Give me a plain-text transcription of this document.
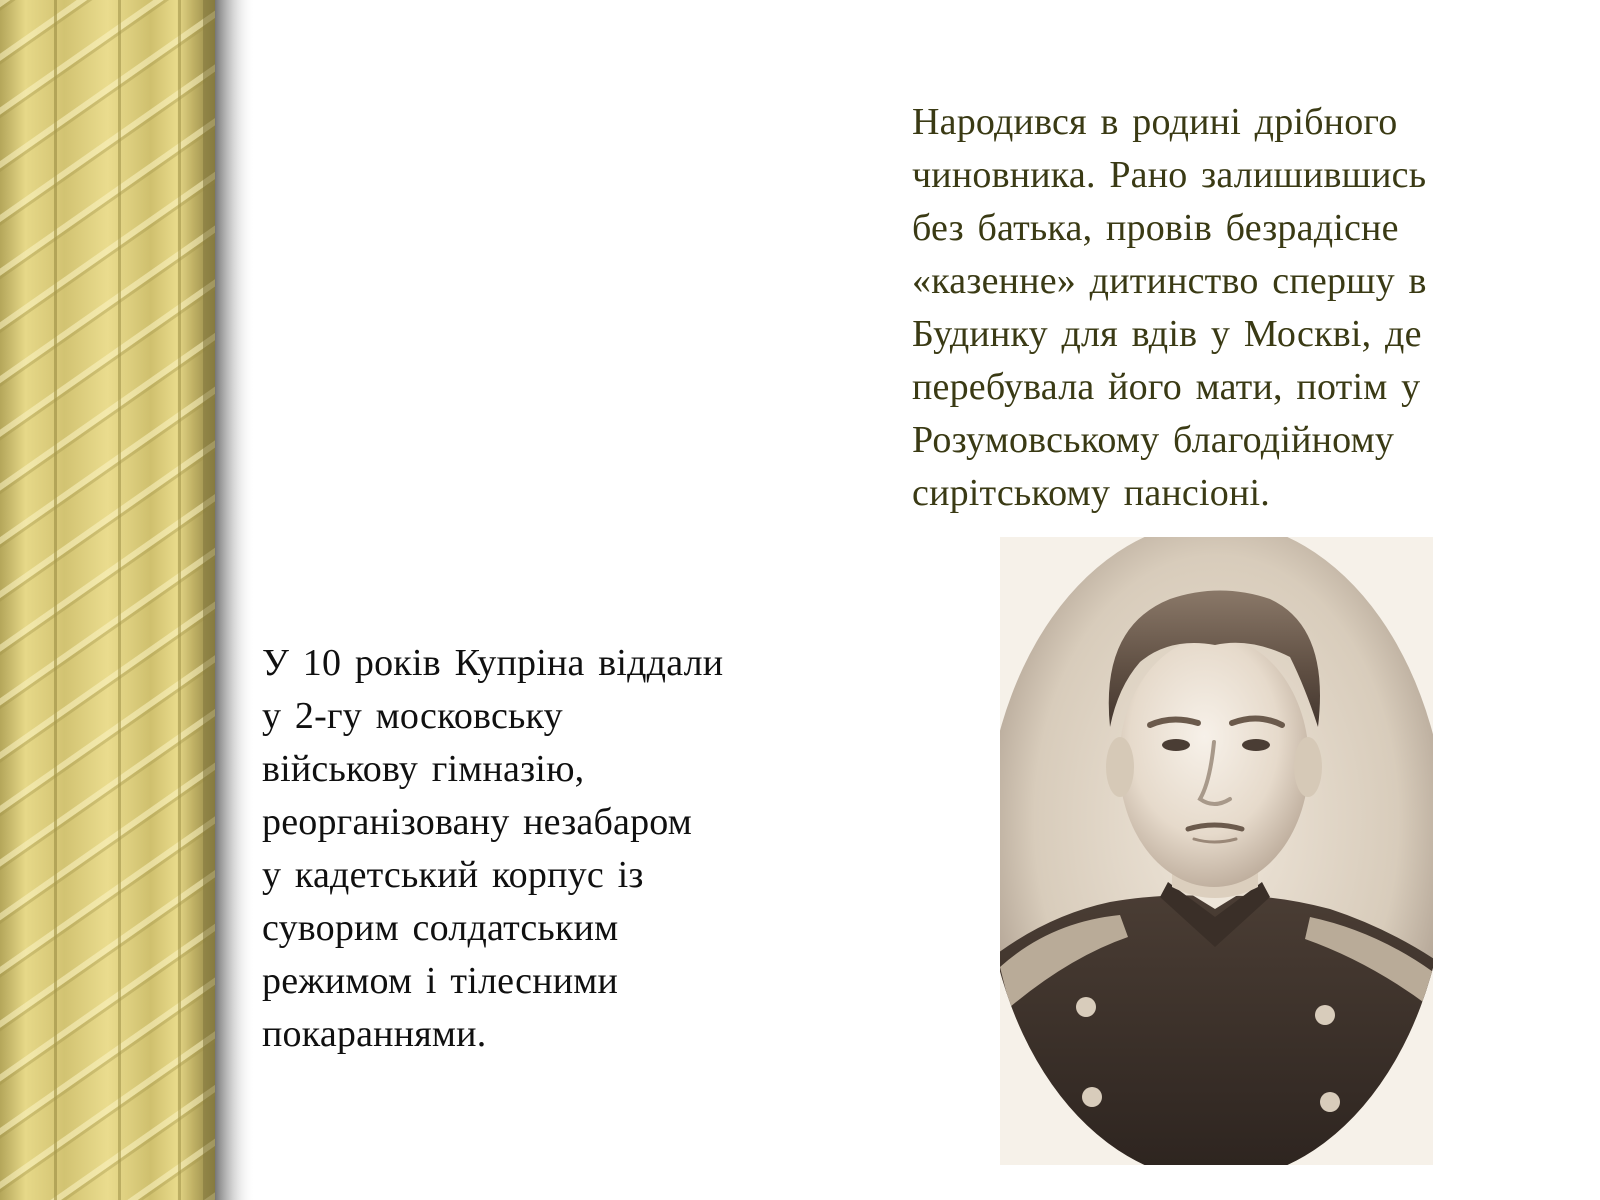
Народився в родині дрібного
чиновника. Рано залишившись
без батька, провів безрадісне
«казенне» дитинство спершу в
Будинку для вдів у Москві, де
перебувала його мати, потім у
Розумовському благодійному
сирітському пансіоні.

У 10 років Купріна віддали
у 2-гу московську
військову гімназію,
реорганізовану незабаром
у кадетський корпус із
суворим солдатським
режимом і тілесними
покараннями.
